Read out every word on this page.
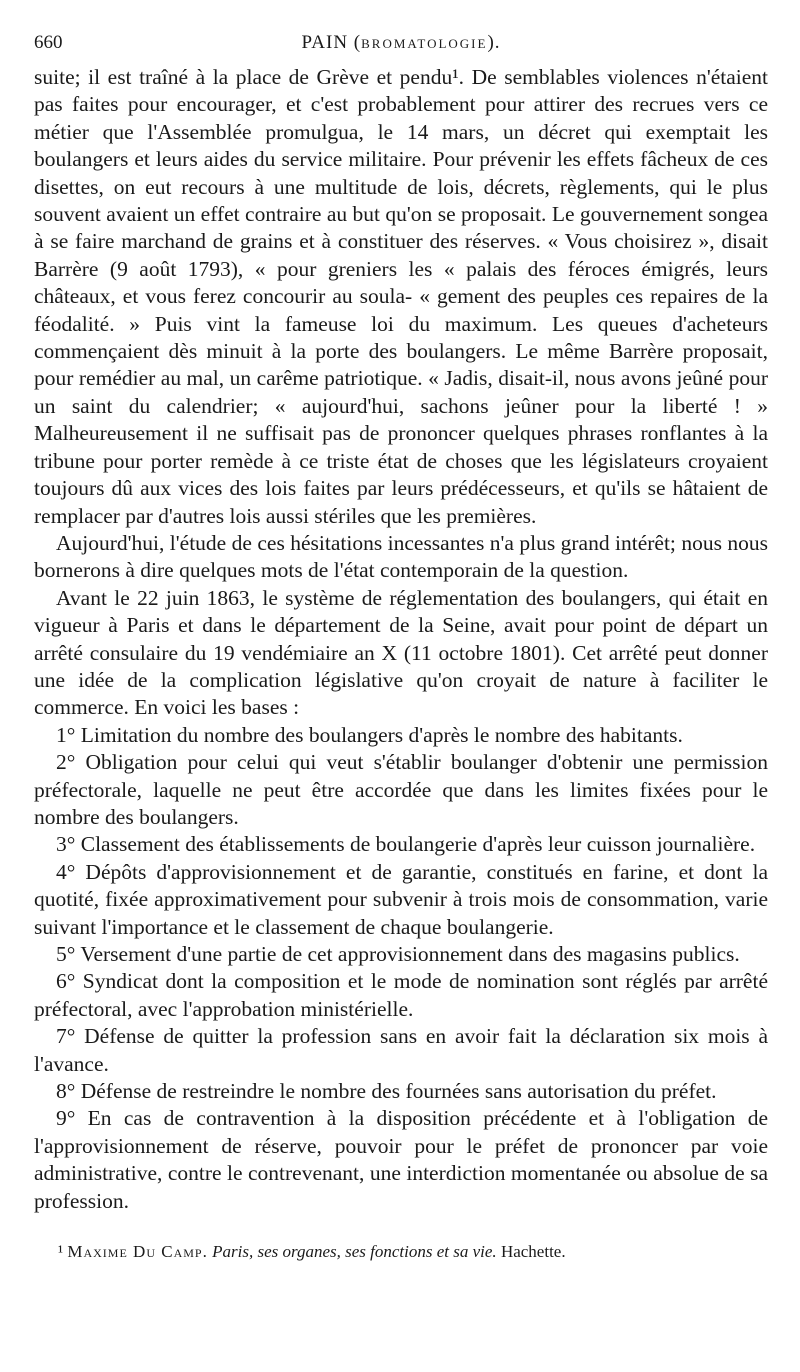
660	PAIN (BROMATOLOGIE).

suite; il est traîné à la place de Grève et pendu¹. De semblables violences n'étaient pas faites pour encourager, et c'est probablement pour attirer des recrues vers ce métier que l'Assemblée promulgua, le 14 mars, un décret qui exemptait les boulangers et leurs aides du service militaire. Pour prévenir les effets fâcheux de ces disettes, on eut recours à une multitude de lois, décrets, règlements, qui le plus souvent avaient un effet contraire au but qu'on se proposait. Le gouvernement songea à se faire marchand de grains et à constituer des réserves. « Vous choisirez », disait Barrère (9 août 1793), « pour greniers les « palais des féroces émigrés, leurs châteaux, et vous ferez concourir au soula- « gement des peuples ces repaires de la féodalité. » Puis vint la fameuse loi du maximum. Les queues d'acheteurs commençaient dès minuit à la porte des boulangers. Le même Barrère proposait, pour remédier au mal, un carême patriotique. « Jadis, disait-il, nous avons jeûné pour un saint du calendrier; « aujourd'hui, sachons jeûner pour la liberté ! » Malheureusement il ne suffisait pas de prononcer quelques phrases ronflantes à la tribune pour porter remède à ce triste état de choses que les législateurs croyaient toujours dû aux vices des lois faites par leurs prédécesseurs, et qu'ils se hâtaient de remplacer par d'autres lois aussi stériles que les premières.

Aujourd'hui, l'étude de ces hésitations incessantes n'a plus grand intérêt; nous nous bornerons à dire quelques mots de l'état contemporain de la question.

Avant le 22 juin 1863, le système de réglementation des boulangers, qui était en vigueur à Paris et dans le département de la Seine, avait pour point de départ un arrêté consulaire du 19 vendémiaire an X (11 octobre 1801). Cet arrêté peut donner une idée de la complication législative qu'on croyait de nature à faciliter le commerce. En voici les bases :

1° Limitation du nombre des boulangers d'après le nombre des habitants.

2° Obligation pour celui qui veut s'établir boulanger d'obtenir une permission préfectorale, laquelle ne peut être accordée que dans les limites fixées pour le nombre des boulangers.

3° Classement des établissements de boulangerie d'après leur cuisson journalière.

4° Dépôts d'approvisionnement et de garantie, constitués en farine, et dont la quotité, fixée approximativement pour subvenir à trois mois de consommation, varie suivant l'importance et le classement de chaque boulangerie.

5° Versement d'une partie de cet approvisionnement dans des magasins publics.

6° Syndicat dont la composition et le mode de nomination sont réglés par arrêté préfectoral, avec l'approbation ministérielle.

7° Défense de quitter la profession sans en avoir fait la déclaration six mois à l'avance.

8° Défense de restreindre le nombre des fournées sans autorisation du préfet.

9° En cas de contravention à la disposition précédente et à l'obligation de l'approvisionnement de réserve, pouvoir pour le préfet de prononcer par voie administrative, contre le contrevenant, une interdiction momentanée ou absolue de sa profession.

¹ Maxime Du Camp. Paris, ses organes, ses fonctions et sa vie. Hachette.
